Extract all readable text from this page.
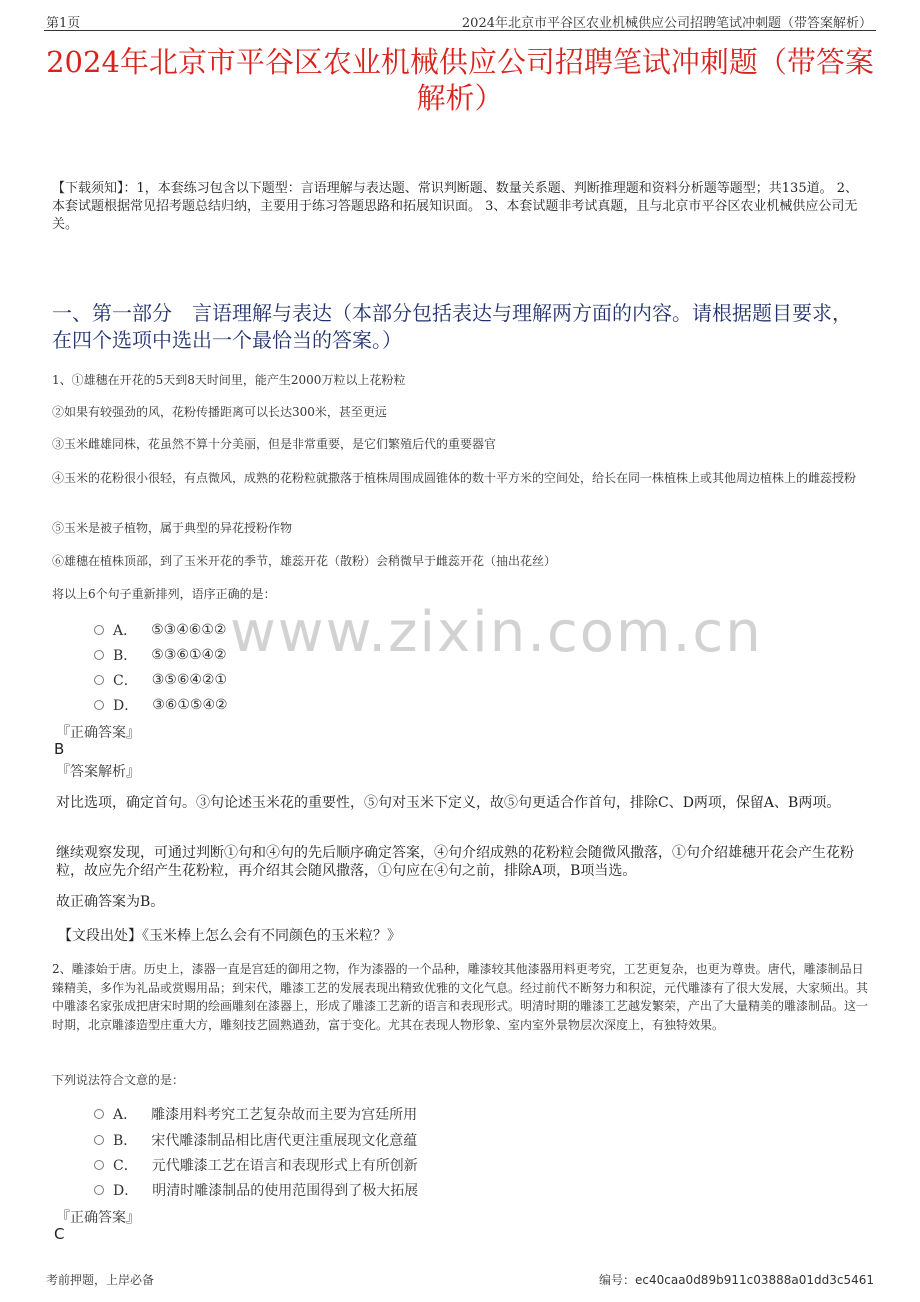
第1页	2024年北京市平谷区农业机械供应公司招聘笔试冲刺题（带答案解析）
2024年北京市平谷区农业机械供应公司招聘笔试冲刺题（带答案解析）
【下载须知】：1，本套练习包含以下题型：言语理解与表达题、常识判断题、数量关系题、判断推理题和资料分析题等题型；共135道。 2、本套试题根据常见招考题总结归纳，主要用于练习答题思路和拓展知识面。 3、本套试题非考试真题，且与北京市平谷区农业机械供应公司无关。
一、第一部分　言语理解与表达（本部分包括表达与理解两方面的内容。请根据题目要求，在四个选项中选出一个最恰当的答案。）
1、①雄穗在开花的5天到8天时间里，能产生2000万粒以上花粉粒
②如果有较强劲的风，花粉传播距离可以长达300米，甚至更远
③玉米雌雄同株，花虽然不算十分美丽，但是非常重要，是它们繁殖后代的重要器官
④玉米的花粉很小很轻，有点微风，成熟的花粉粒就撒落于植株周围成圆锥体的数十平方米的空间处，给长在同一株植株上或其他周边植株上的雌蕊授粉
⑤玉米是被子植物，属于典型的异花授粉作物
⑥雄穗在植株顶部，到了玉米开花的季节，雄蕊开花（散粉）会稍微早于雌蕊开花（抽出花丝）
将以上6个句子重新排列，语序正确的是：
A． ⑤③④⑥①②
B． ⑤③⑥①④②
C． ③⑤⑥④②①
D． ③⑥①⑤④②
www.zixin.com.cn
『正确答案』
B
『答案解析』
对比选项，确定首句。③句论述玉米花的重要性，⑤句对玉米下定义，故⑤句更适合作首句，排除C、D两项，保留A、B两项。
继续观察发现，可通过判断①句和④句的先后顺序确定答案，④句介绍成熟的花粉粒会随微风撒落，①句介绍雄穗开花会产生花粉粒，故应先介绍产生花粉粒，再介绍其会随风撒落，①句应在④句之前，排除A项，B项当选。
故正确答案为B。
【文段出处】《玉米棒上怎么会有不同颜色的玉米粒？》
2、雕漆始于唐。历史上，漆器一直是宫廷的御用之物，作为漆器的一个品种，雕漆较其他漆器用料更考究，工艺更复杂，也更为尊贵。唐代，雕漆制品日臻精美，多作为礼品或赏赐用品；到宋代，雕漆工艺的发展表现出精致优雅的文化气息。经过前代不断努力和积淀，元代雕漆有了很大发展，大家频出。其中雕漆名家张成把唐宋时期的绘画雕刻在漆器上，形成了雕漆工艺新的语言和表现形式。明清时期的雕漆工艺越发繁荣，产出了大量精美的雕漆制品。这一时期，北京雕漆造型庄重大方，雕刻技艺圆熟遒劲，富于变化。尤其在表现人物形象、室内室外景物层次深度上，有独特效果。
下列说法符合文意的是：
A． 雕漆用料考究工艺复杂故而主要为宫廷所用
B． 宋代雕漆制品相比唐代更注重展现文化意蕴
C． 元代雕漆工艺在语言和表现形式上有所创新
D． 明清时雕漆制品的使用范围得到了极大拓展
『正确答案』
C
考前押题，上岸必备	编号：ec40caa0d89b911c03888a01dd3c5461
